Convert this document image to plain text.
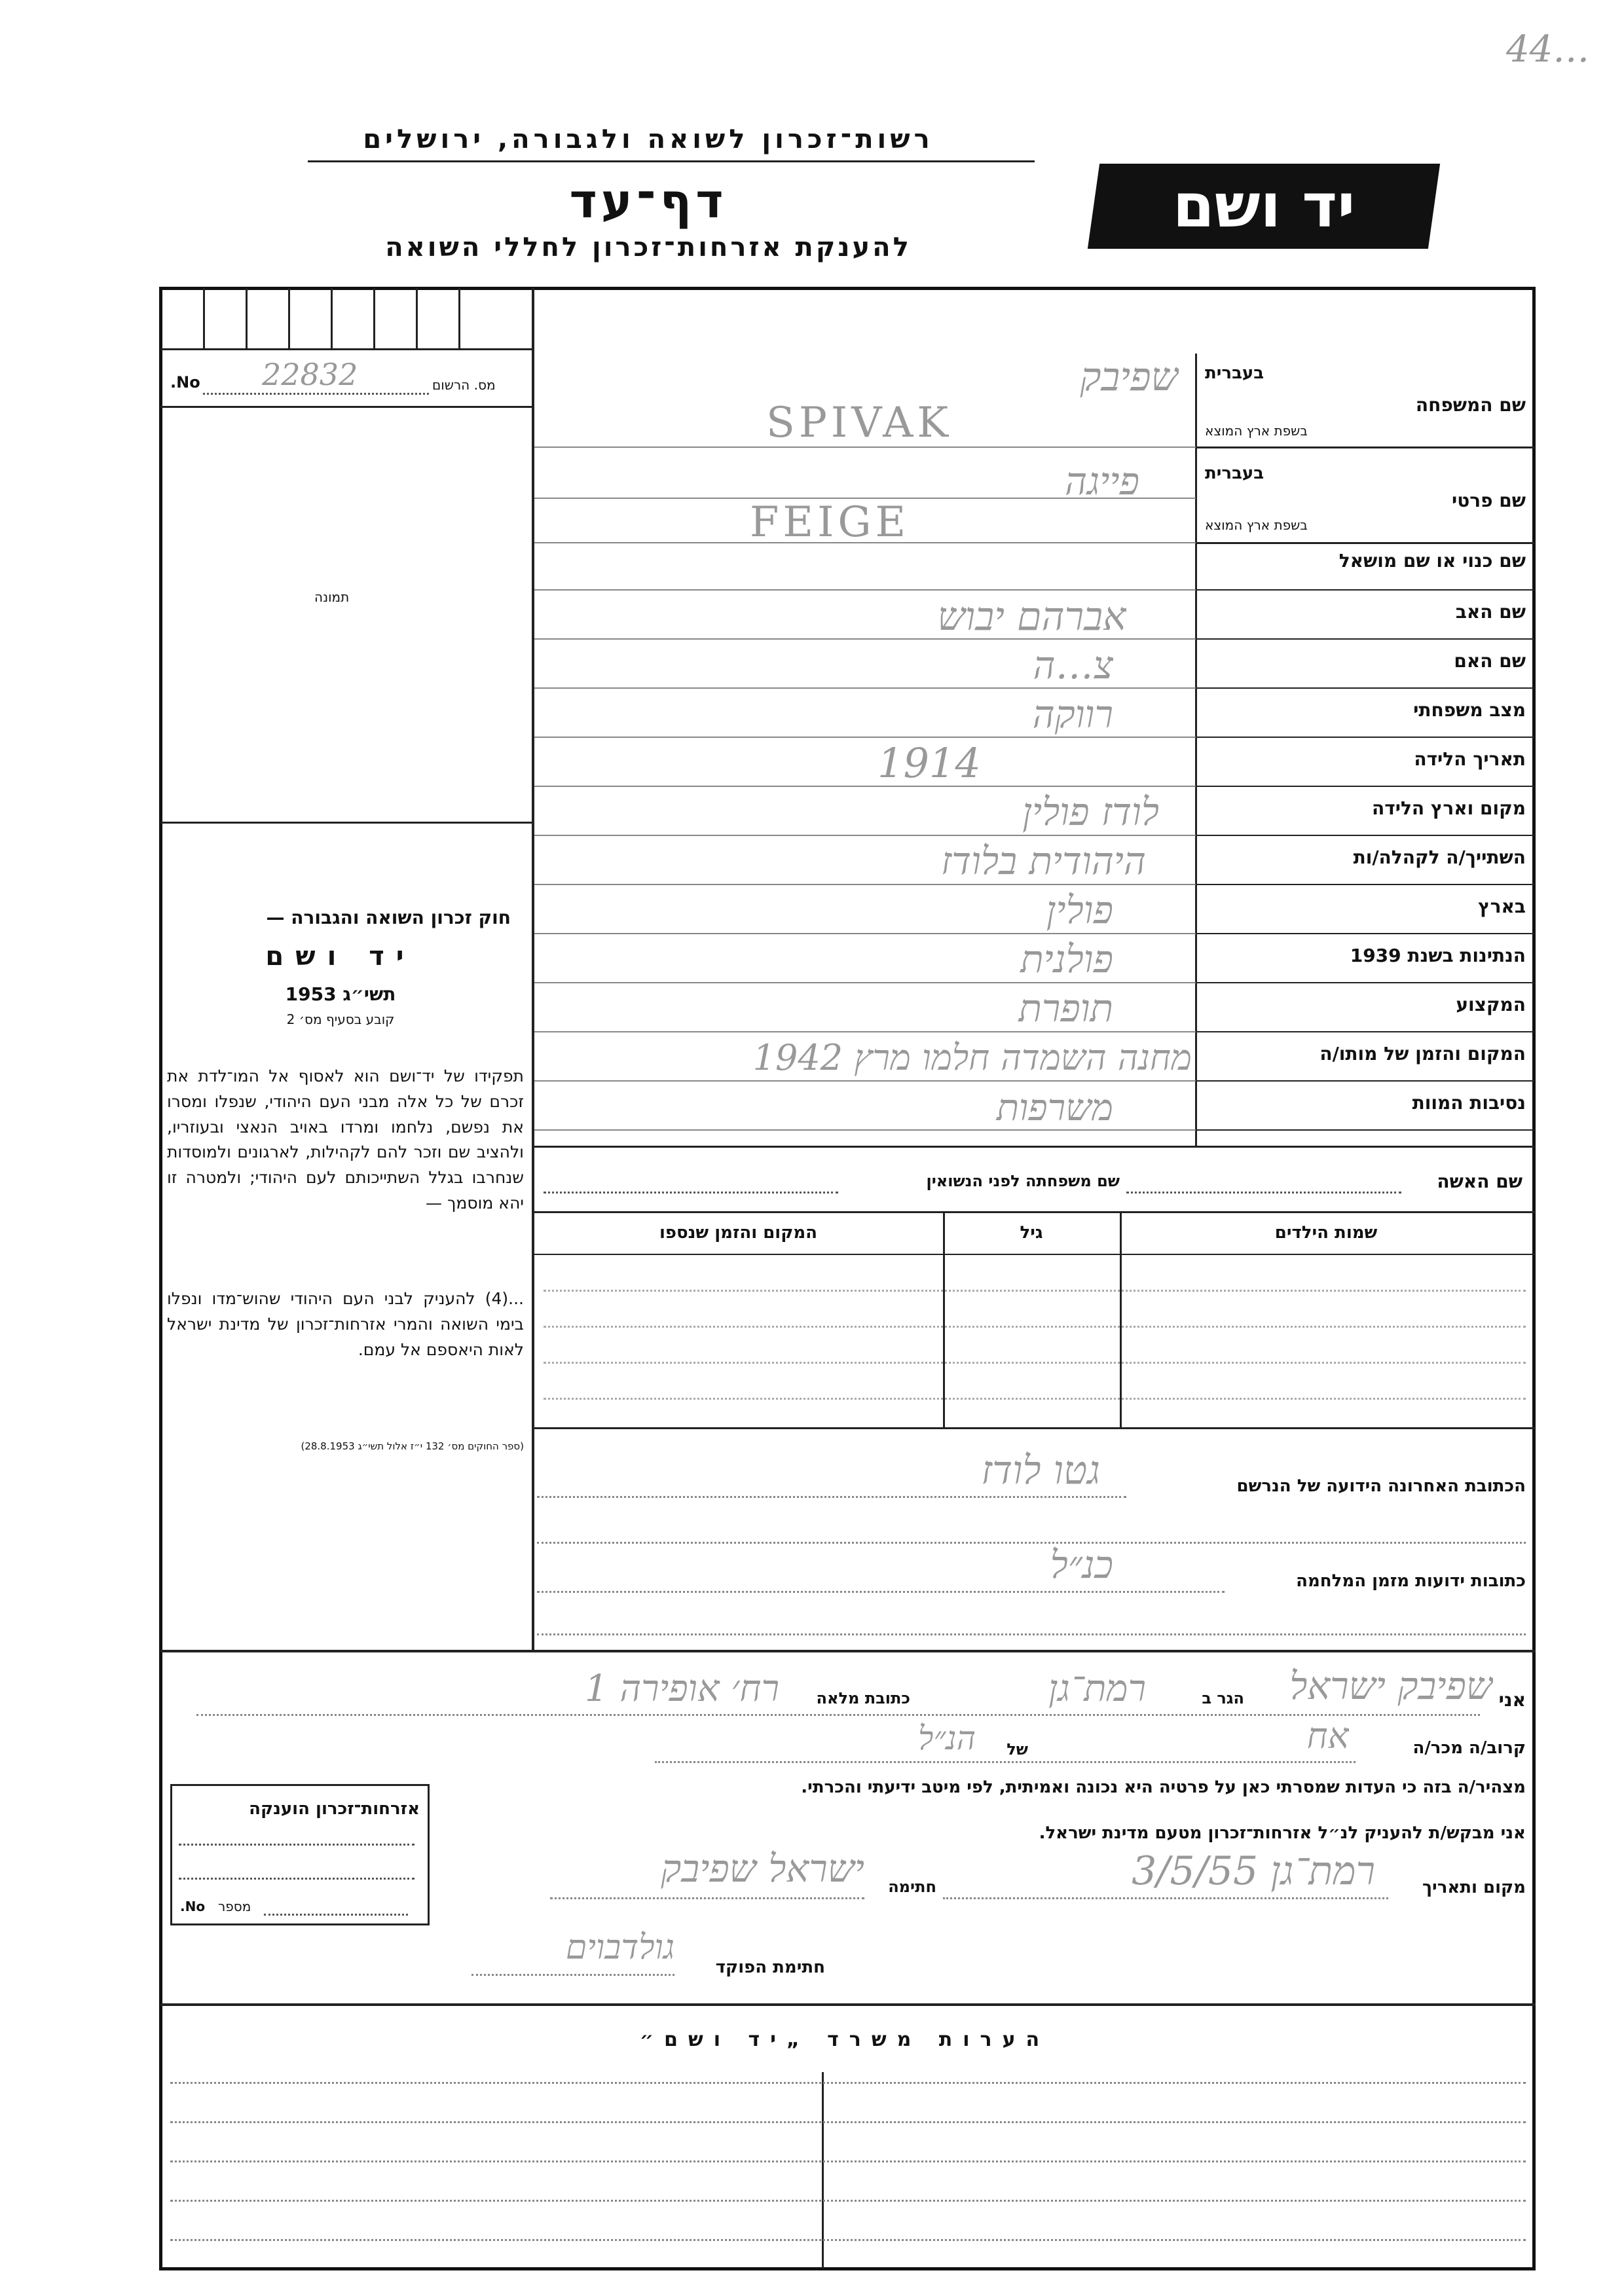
44…
רשות־זכרון לשואה ולגבורה, ירושלים
דף־עד
להענקת אזרחות־זכרון לחללי השואה
יד ושם
No.
22832	מס. הרשום
תמונה
חוק זכרון השואה והגבורה —
יד ושם
תשי״ג 1953
קובע בסעיף מס׳ 2
תפקידו של יד־ושם הוא לאסוף אל המו־לדת את זכרם של כל אלה מבני העם היהודי, שנפלו ומסרו את נפשם, נלחמו ומרדו באויב הנאצי ובעוזריו, ולהציב שם וזכר להם לקהילות, לארגונים ולמוסדות שנחרבו בגלל השתייכותם לעם היהודי; ולמטרה זו יהא מוסמך —
...(4) להעניק לבני העם היהודי שהוש־מדו ונפלו בימי השואה והמרי אזרחות־זכרון של מדינת ישראל לאות היאספם אל עמם.
(ספר החוקים מס׳ 132 י״ז אלול תשי״ג 28.8.1953)
בעברית
שם המשפחה
בשפת ארץ המוצא
בעברית
שם פרטי
בשפת ארץ המוצא
שם כנוי או שם מושאל
שם האב
שם האם
מצב משפחתי
תאריך הלידה
מקום וארץ הלידה
השתייך/ה לקהלה/ות
בארץ
הנתינות בשנת 1939
המקצוע
המקום והזמן של מותו/ה
נסיבות המוות
שפיבק
SPIVAK
פייגה
FEIGE
אברהם יבוש
צ…ה
רווקה
1914
לודז פולין
היהודית בלודז
פולין
פולנית
תופרת
מחנה השמדה חלמו מרץ 1942
משרפות
שם האשה
שם משפחתה לפני הנשואין
שמות הילדים
גיל
המקום והזמן שנספו
הכתובת האחרונה הידועה של הנרשם
גטו לודז
כתובות ידועות מזמן המלחמה
כנ״ל
אני
שפיבק ישראל
הגר ב
רמת־גן
כתובת מלאה
רח׳ אופירה 1
קרוב/ה מכר/ה
אח
של
הנ״ל
מצהיר/ה בזה כי העדות שמסרתי כאן על פרטיה היא נכונה ואמיתית, לפי מיטב ידיעתי והכרתי.
אני מבקש/ת להעניק לנ״ל אזרחות־זכרון מטעם מדינת ישראל.
מקום ותאריך
רמת־גן 3/5/55
חתימה
ישראל שפיבק
חתימת הפוקד
גולדבוים
אזרחות־זכרון הוענקה
No. מספר
הערות משרד „יד ושם״
